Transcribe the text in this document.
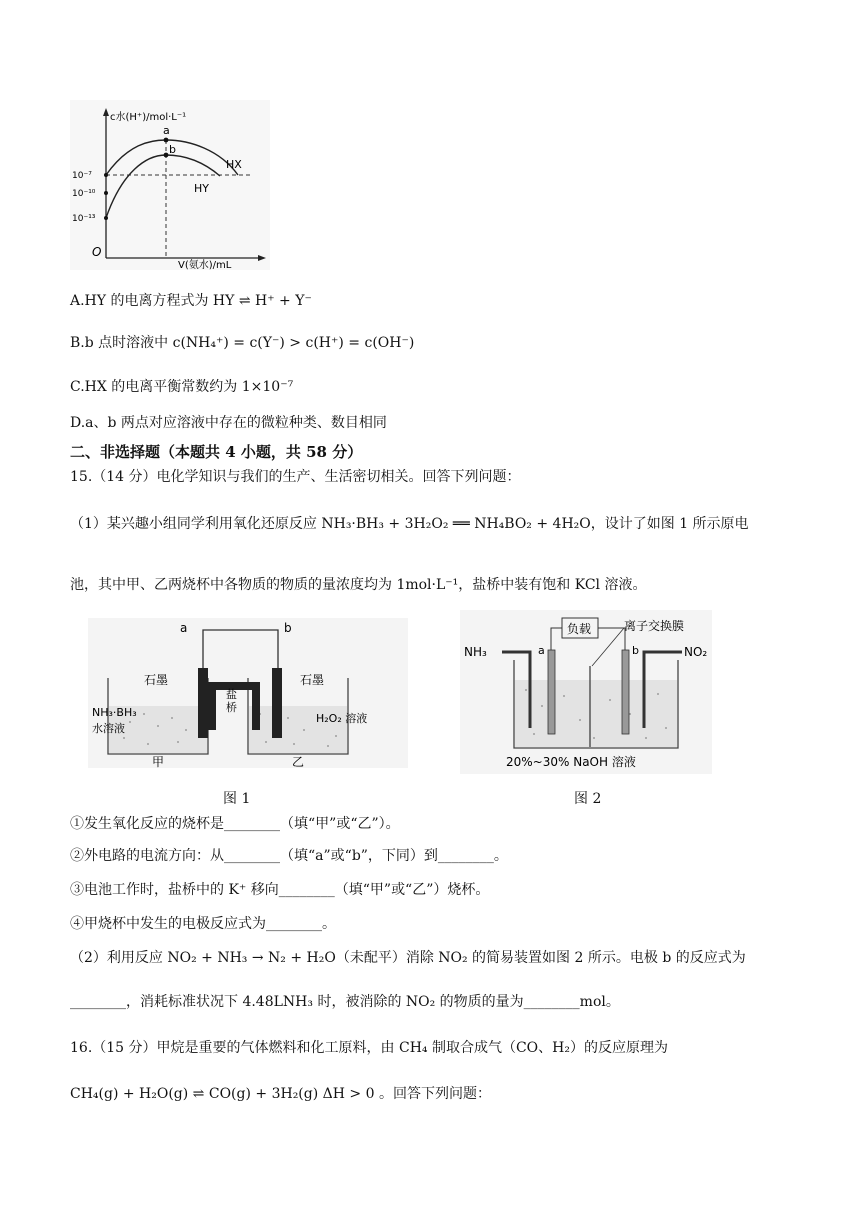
c水(H⁺)/mol·L⁻¹
10⁻⁷
10⁻¹⁰
10⁻¹³
O
a
b
HX
HY
V(氨水)/mL
A.HY 的电离方程式为 HY ⇌ H⁺ + Y⁻
B.b 点时溶液中 c(NH₄⁺) = c(Y⁻) > c(H⁺) = c(OH⁻)
C.HX 的电离平衡常数约为 1×10⁻⁷
D.a、b 两点对应溶液中存在的微粒种类、数目相同
二、非选择题（本题共 4 小题，共 58 分）
15.（14 分）电化学知识与我们的生产、生活密切相关。回答下列问题：
（1）某兴趣小组同学利用氧化还原反应 NH₃·BH₃ + 3H₂O₂ ══ NH₄BO₂ + 4H₂O，设计了如图 1 所示原电
池，其中甲、乙两烧杯中各物质的物质的量浓度均为 1mol·L⁻¹，盐桥中装有饱和 KCl 溶液。
a	b
盐
桥
石墨	石墨
NH₃·BH₃
水溶液
H₂O₂ 溶液
甲	乙
负载	离子交换膜
NH₃	NO₂
a	b
20%~30% NaOH 溶液
图 1	图 2
①发生氧化反应的烧杯是________（填“甲”或“乙”）。
②外电路的电流方向：从________（填“a”或“b”，下同）到________。
③电池工作时，盐桥中的 K⁺ 移向________（填“甲”或“乙”）烧杯。
④甲烧杯中发生的电极反应式为________。
（2）利用反应 NO₂ + NH₃ → N₂ + H₂O（未配平）消除 NO₂ 的简易装置如图 2 所示。电极 b 的反应式为
________，消耗标准状况下 4.48LNH₃ 时，被消除的 NO₂ 的物质的量为________mol。
16.（15 分）甲烷是重要的气体燃料和化工原料，由 CH₄ 制取合成气（CO、H₂）的反应原理为
CH₄(g) + H₂O(g) ⇌ CO(g) + 3H₂(g) ΔH > 0 。回答下列问题：
